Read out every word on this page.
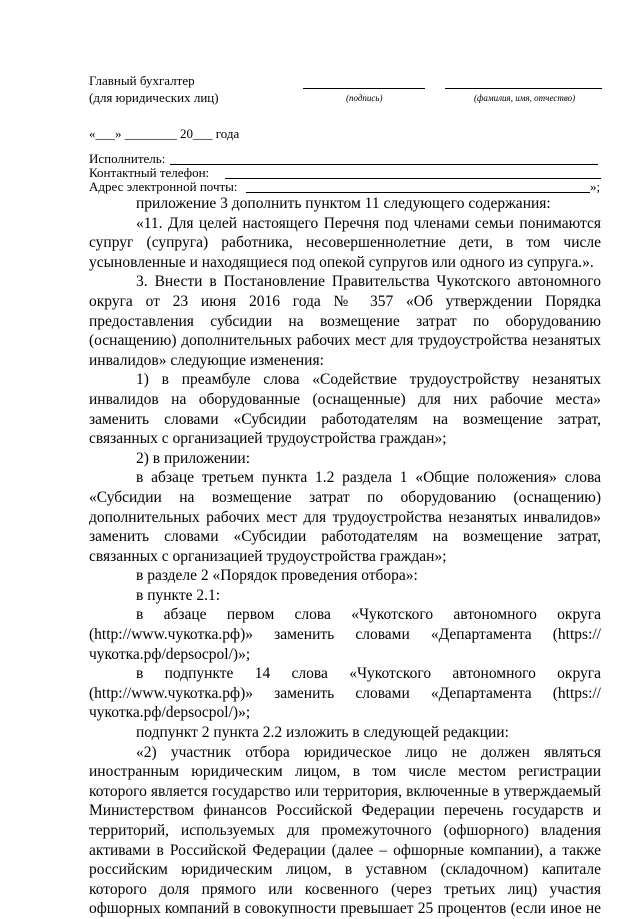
Главный бухгалтер
(для юридических лиц)	(подпись)	(фамилия, имя, отчество)
«___» ________ 20___ года
Исполнитель:
Контактный телефон:
Адрес электронной почты:	»;

приложение 3 дополнить пунктом 11 следующего содержания:

«11. Для целей настоящего Перечня под членами семьи понимаются супруг (супруга) работника, несовершеннолетние дети, в том числе усыновленные и находящиеся под опекой супругов или одного из супруга.».

3. Внести в Постановление Правительства Чукотского автономного округа от 23 июня 2016 года № 357 «Об утверждении Порядка предоставления субсидии на возмещение затрат по оборудованию (оснащению) дополнительных рабочих мест для трудоустройства незанятых инвалидов» следующие изменения:

1) в преамбуле слова «Содействие трудоустройству незанятых инвалидов на оборудованные (оснащенные) для них рабочие места» заменить словами «Субсидии работодателям на возмещение затрат, связанных с организацией трудоустройства граждан»;

2) в приложении:

в абзаце третьем пункта 1.2 раздела 1 «Общие положения» слова «Субсидии на возмещение затрат по оборудованию (оснащению) дополнительных рабочих мест для трудоустройства незанятых инвалидов» заменить словами «Субсидии работодателям на возмещение затрат, связанных с организацией трудоустройства граждан»;

в разделе 2 «Порядок проведения отбора»:

в пункте 2.1:

в абзаце первом слова «Чукотского автономного округа (http://www.чукотка.рф)» заменить словами «Департамента (https://чукотка.рф/depsocpol/)»;

в подпункте 14 слова «Чукотского автономного округа (http://www.чукотка.рф)» заменить словами «Департамента (https://чукотка.рф/depsocpol/)»;

подпункт 2 пункта 2.2 изложить в следующей редакции:

«2) участник отбора юридическое лицо не должен являться иностранным юридическим лицом, в том числе местом регистрации которого является государство или территория, включенные в утверждаемый Министерством финансов Российской Федерации перечень государств и территорий, используемых для промежуточного (офшорного) владения активами в Российской Федерации (далее – офшорные компании), а также российским юридическим лицом, в уставном (складочном) капитале которого доля прямого или косвенного (через третьих лиц) участия офшорных компаний в совокупности превышает 25 процентов (если иное не
